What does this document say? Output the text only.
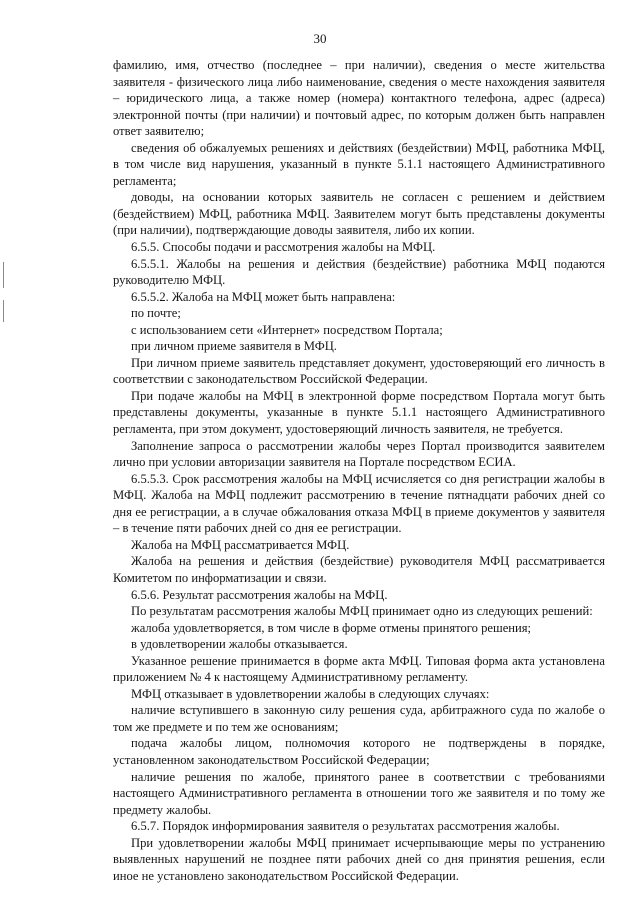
30

фамилию, имя, отчество (последнее – при наличии), сведения о месте жительства заявителя - физического лица либо наименование, сведения о месте нахождения заявителя – юридического лица, а также номер (номера) контактного телефона, адрес (адреса) электронной почты (при наличии) и почтовый адрес, по которым должен быть направлен ответ заявителю;

сведения об обжалуемых решениях и действиях (бездействии) МФЦ, работника МФЦ, в том числе вид нарушения, указанный в пункте 5.1.1 настоящего Административного регламента;

доводы, на основании которых заявитель не согласен с решением и действием (бездействием) МФЦ, работника МФЦ. Заявителем могут быть представлены документы (при наличии), подтверждающие доводы заявителя, либо их копии.

6.5.5. Способы подачи и рассмотрения жалобы на МФЦ.

6.5.5.1. Жалобы на решения и действия (бездействие) работника МФЦ подаются руководителю МФЦ.

6.5.5.2. Жалоба на МФЦ может быть направлена:

по почте;

с использованием сети «Интернет» посредством Портала;

при личном приеме заявителя в МФЦ.

При личном приеме заявитель представляет документ, удостоверяющий его личность в соответствии с законодательством Российской Федерации.

При подаче жалобы на МФЦ в электронной форме посредством Портала могут быть представлены документы, указанные в пункте 5.1.1 настоящего Административного регламента, при этом документ, удостоверяющий личность заявителя, не требуется.

Заполнение запроса о рассмотрении жалобы через Портал производится заявителем лично при условии авторизации заявителя на Портале посредством ЕСИА.

6.5.5.3. Срок рассмотрения жалобы на МФЦ исчисляется со дня регистрации жалобы в МФЦ. Жалоба на МФЦ подлежит рассмотрению в течение пятнадцати рабочих дней со дня ее регистрации, а в случае обжалования отказа МФЦ в приеме документов у заявителя – в течение пяти рабочих дней со дня ее регистрации.

Жалоба на МФЦ рассматривается МФЦ.

Жалоба на решения и действия (бездействие) руководителя МФЦ рассматривается Комитетом по информатизации и связи.

6.5.6. Результат рассмотрения жалобы на МФЦ.

По результатам рассмотрения жалобы МФЦ принимает одно из следующих решений:

жалоба удовлетворяется, в том числе в форме отмены принятого решения;

в удовлетворении жалобы отказывается.

Указанное решение принимается в форме акта МФЦ. Типовая форма акта установлена приложением № 4 к настоящему Административному регламенту.

МФЦ отказывает в удовлетворении жалобы в следующих случаях:

наличие вступившего в законную силу решения суда, арбитражного суда по жалобе о том же предмете и по тем же основаниям;

подача жалобы лицом, полномочия которого не подтверждены в порядке, установленном законодательством Российской Федерации;

наличие решения по жалобе, принятого ранее в соответствии с требованиями настоящего Административного регламента в отношении того же заявителя и по тому же предмету жалобы.

6.5.7. Порядок информирования заявителя о результатах рассмотрения жалобы.

При удовлетворении жалобы МФЦ принимает исчерпывающие меры по устранению выявленных нарушений не позднее пяти рабочих дней со дня принятия решения, если иное не установлено законодательством Российской Федерации.
